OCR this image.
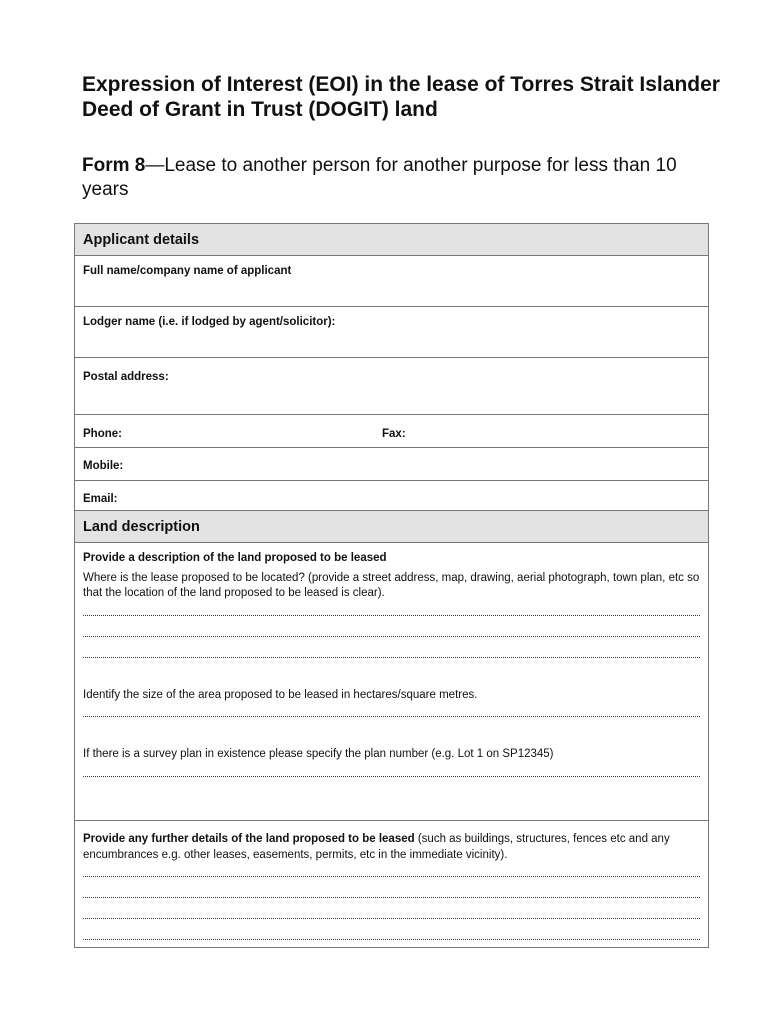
Expression of Interest (EOI) in the lease of Torres Strait Islander Deed of Grant in Trust (DOGIT) land
Form 8—Lease to another person for another purpose for less than 10 years
Applicant details
Full name/company name of applicant
Lodger name (i.e. if lodged by agent/solicitor):
Postal address:
Phone:	Fax:
Mobile:
Email:
Land description
Provide a description of the land proposed to be leased
Where is the lease proposed to be located? (provide a street address, map, drawing, aerial photograph, town plan, etc so that the location of the land proposed to be leased is clear).
Identify the size of the area proposed to be leased in hectares/square metres.
If there is a survey plan in existence please specify the plan number (e.g. Lot 1 on SP12345)
Provide any further details of the land proposed to be leased (such as buildings, structures, fences etc and any encumbrances e.g. other leases, easements, permits, etc in the immediate vicinity).
